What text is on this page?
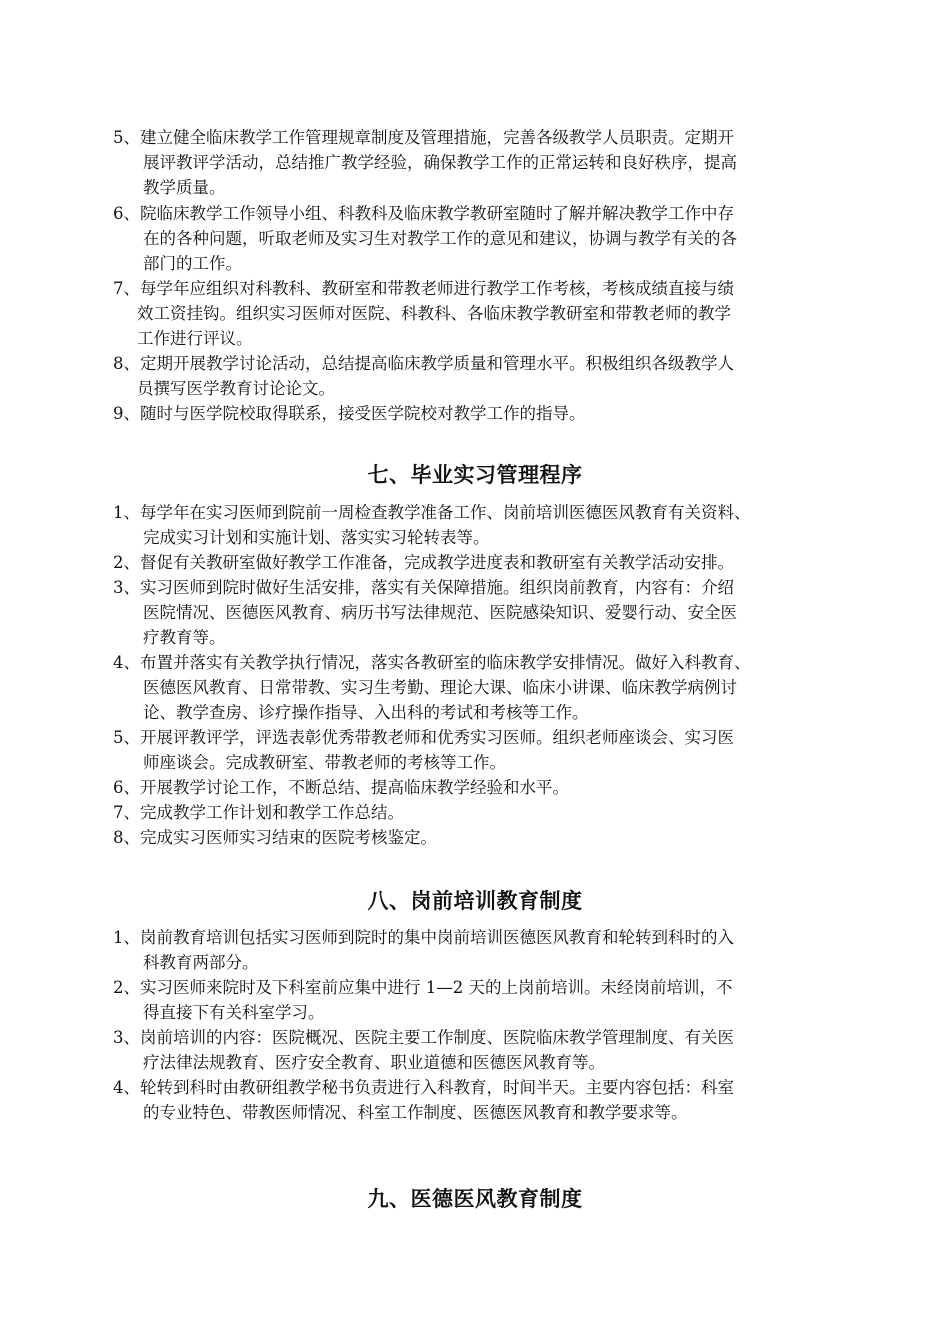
5、建立健全临床教学工作管理规章制度及管理措施，完善各级教学人员职责。定期开
展评教评学活动，总结推广教学经验，确保教学工作的正常运转和良好秩序，提高
教学质量。
6、院临床教学工作领导小组、科教科及临床教学教研室随时了解并解决教学工作中存
在的各种问题，听取老师及实习生对教学工作的意见和建议，协调与教学有关的各
部门的工作。
7、每学年应组织对科教科、教研室和带教老师进行教学工作考核，考核成绩直接与绩
效工资挂钩。组织实习医师对医院、科教科、各临床教学教研室和带教老师的教学
工作进行评议。
8、定期开展教学讨论活动，总结提高临床教学质量和管理水平。积极组织各级教学人
员撰写医学教育讨论论文。
9、随时与医学院校取得联系，接受医学院校对教学工作的指导。
七、毕业实习管理程序
1、每学年在实习医师到院前一周检查教学准备工作、岗前培训医德医风教育有关资料、
完成实习计划和实施计划、落实实习轮转表等。
2、督促有关教研室做好教学工作准备，完成教学进度表和教研室有关教学活动安排。
3、实习医师到院时做好生活安排，落实有关保障措施。组织岗前教育，内容有：介绍
医院情况、医德医风教育、病历书写法律规范、医院感染知识、爱婴行动、安全医
疗教育等。
4、布置并落实有关教学执行情况，落实各教研室的临床教学安排情况。做好入科教育、
医德医风教育、日常带教、实习生考勤、理论大课、临床小讲课、临床教学病例讨
论、教学查房、诊疗操作指导、入出科的考试和考核等工作。
5、开展评教评学，评选表彰优秀带教老师和优秀实习医师。组织老师座谈会、实习医
师座谈会。完成教研室、带教老师的考核等工作。
6、开展教学讨论工作，不断总结、提高临床教学经验和水平。
7、完成教学工作计划和教学工作总结。
8、完成实习医师实习结束的医院考核鉴定。
八、岗前培训教育制度
1、岗前教育培训包括实习医师到院时的集中岗前培训医德医风教育和轮转到科时的入
科教育两部分。
2、实习医师来院时及下科室前应集中进行 1—2 天的上岗前培训。未经岗前培训，不
得直接下有关科室学习。
3、岗前培训的内容：医院概况、医院主要工作制度、医院临床教学管理制度、有关医
疗法律法规教育、医疗安全教育、职业道德和医德医风教育等。
4、轮转到科时由教研组教学秘书负责进行入科教育，时间半天。主要内容包括：科室
的专业特色、带教医师情况、科室工作制度、医德医风教育和教学要求等。
九、医德医风教育制度
